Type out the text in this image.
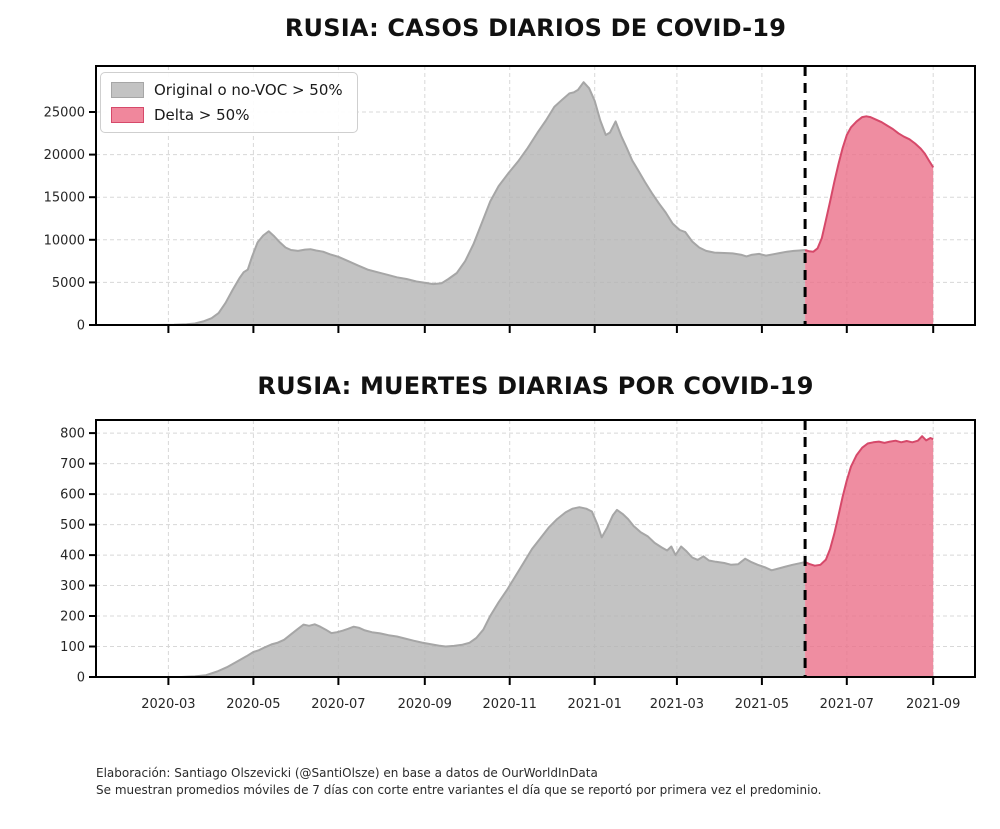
RUSIA: CASOS DIARIOS DE COVID-19
RUSIA: MUERTES DIARIAS POR COVID-19
0
5000
10000
15000
20000
25000
0
100
200
300
400
500
600
700
800
2020-03 2020-05 2020-07 2020-09 2020-11 2021-01 2021-03 2021-05 2021-07 2021-09
Original o no-VOC > 50%
Delta > 50%
Elaboración: Santiago Olszevicki (@SantiOlsze) en base a datos de OurWorldInData
Se muestran promedios móviles de 7 días con corte entre variantes el día que se reportó por primera vez el predominio.
